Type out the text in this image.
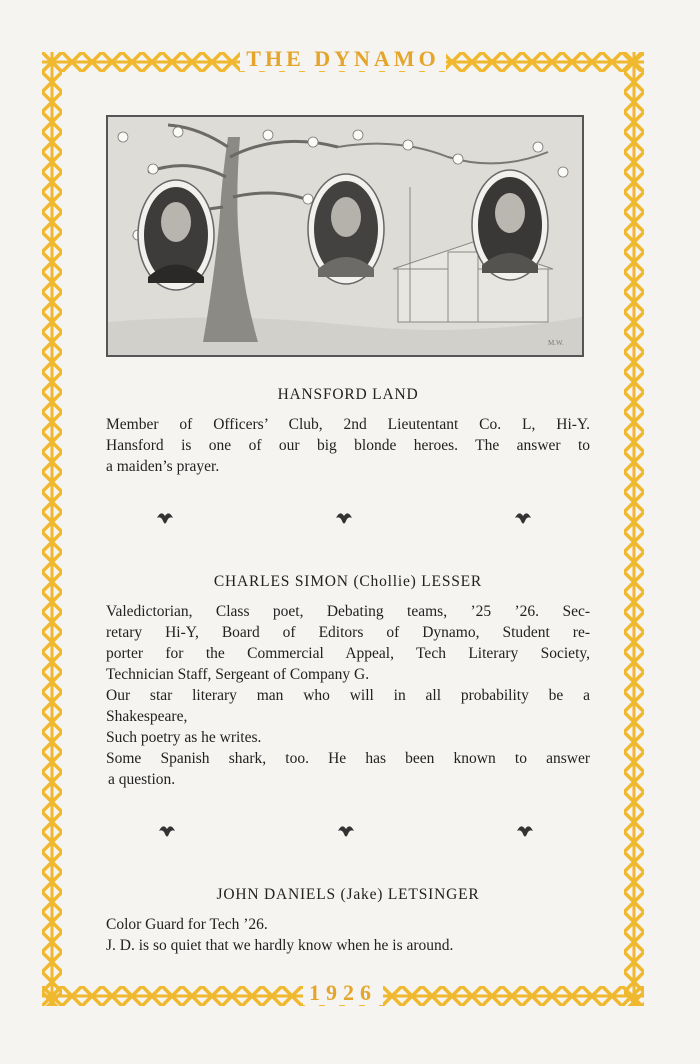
THE DYNAMO
M.W.
HANSFORD LAND
Member of Officers’ Club, 2nd Lieutentant Co. L, Hi-Y.
Hansford is one of our big blonde heroes. The answer to
a maiden’s prayer.
CHARLES SIMON (Chollie) LESSER
Valedictorian, Class poet, Debating teams, ’25 ’26. Sec-
retary Hi-Y, Board of Editors of Dynamo, Student re-
porter for the Commercial Appeal, Tech Literary Society,
Technician Staff, Sergeant of Company G.
Our star literary man who will in all probability be a
Shakespeare,
Such poetry as he writes.
Some Spanish shark, too. He has been known to answer
a question.
JOHN DANIELS (Jake) LETSINGER
Color Guard for Tech ’26.
J. D. is so quiet that we hardly know when he is around.
1926
